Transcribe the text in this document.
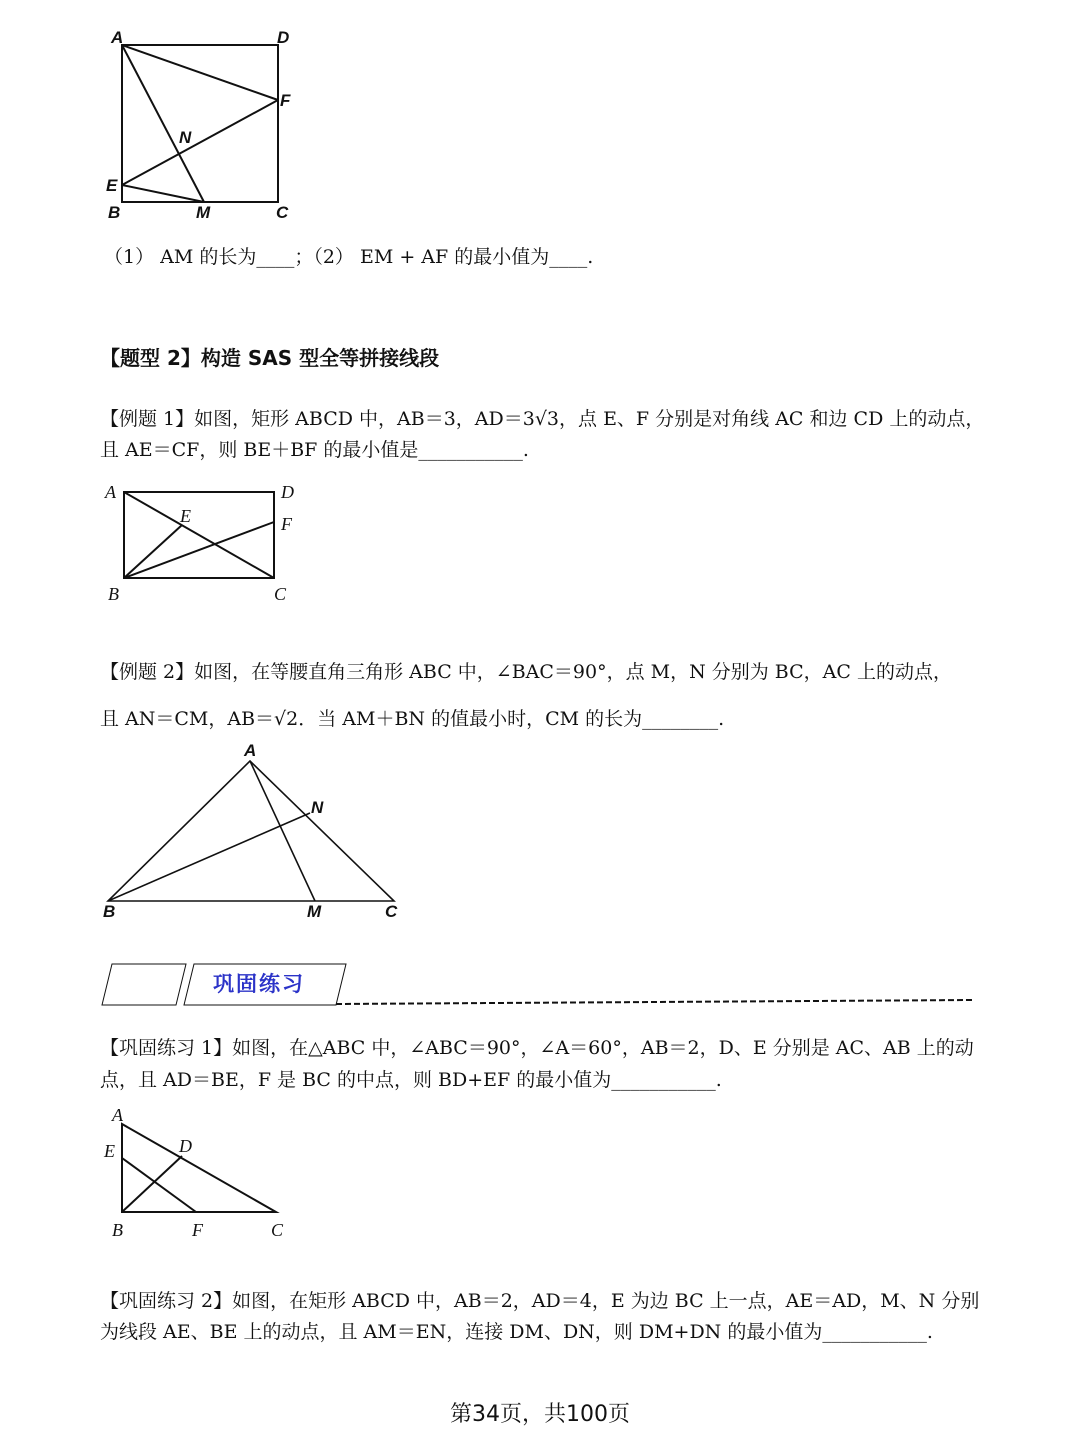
A	D
F
N
E
B	M	C
（1） AM 的长为____；（2） EM + AF 的最小值为____.
【题型 2】构造 SAS 型全等拼接线段
【例题 1】如图，矩形 ABCD 中，AB＝3，AD＝3√3，点 E、F 分别是对角线 AC 和边 CD 上的动点，
且 AE＝CF，则 BE＋BF 的最小值是___________.
A	D
E	F
B	C
【例题 2】如图，在等腰直角三角形 ABC 中，∠BAC＝90°，点 M，N 分别为 BC，AC 上的动点，
且 AN＝CM，AB＝√2．当 AM＋BN 的值最小时，CM 的长为________.
A
N
B	M	C
巩固练习
【巩固练习 1】如图，在△ABC 中，∠ABC＝90°，∠A＝60°，AB＝2，D、E 分别是 AC、AB 上的动
点，且 AD＝BE，F 是 BC 的中点，则 BD+EF 的最小值为___________.
A
E	D
B	F	C
【巩固练习 2】如图，在矩形 ABCD 中，AB＝2，AD＝4，E 为边 BC 上一点，AE＝AD，M、N 分别
为线段 AE、BE 上的动点，且 AM＝EN，连接 DM、DN，则 DM+DN 的最小值为___________.
第34页，共100页
